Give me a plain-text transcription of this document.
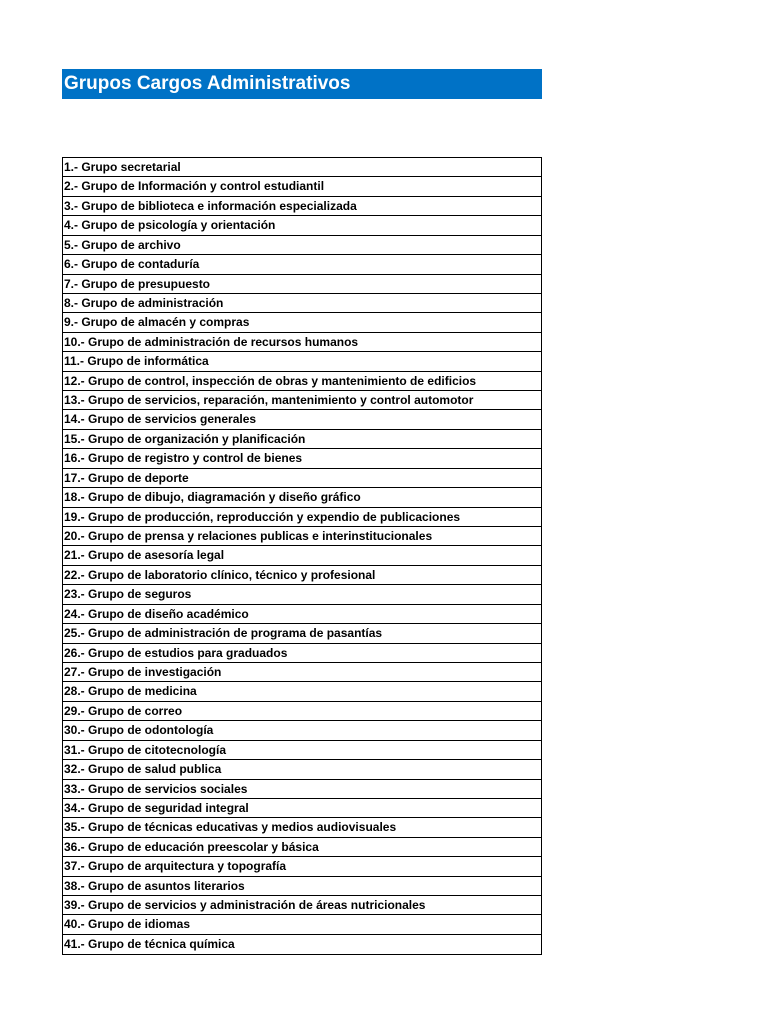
Grupos Cargos Administrativos
1.- Grupo secretarial
2.- Grupo de Información y control estudiantil
3.- Grupo de biblioteca e información especializada
4.- Grupo de psicología y orientación
5.- Grupo de archivo
6.- Grupo de contaduría
7.- Grupo de presupuesto
8.- Grupo de administración
9.- Grupo de almacén y compras
10.- Grupo de administración de recursos humanos
11.- Grupo de informática
12.- Grupo de control, inspección de obras y mantenimiento de edificios
13.- Grupo de servicios, reparación, mantenimiento y control automotor
14.- Grupo de servicios generales
15.- Grupo de organización y planificación
16.- Grupo de registro y control de bienes
17.- Grupo de deporte
18.- Grupo de dibujo, diagramación y diseño gráfico
19.- Grupo de producción, reproducción y expendio de publicaciones
20.- Grupo de prensa y relaciones publicas e interinstitucionales
21.- Grupo de asesoría legal
22.- Grupo de laboratorio clínico, técnico y profesional
23.- Grupo de seguros
24.- Grupo de diseño académico
25.- Grupo de administración de programa de pasantías
26.- Grupo de estudios para graduados
27.- Grupo de investigación
28.- Grupo de medicina
29.- Grupo de correo
30.- Grupo de odontología
31.- Grupo de citotecnología
32.- Grupo de salud publica
33.- Grupo de servicios sociales
34.- Grupo de seguridad integral
35.- Grupo de técnicas educativas y medios audiovisuales
36.- Grupo de educación preescolar y básica
37.- Grupo de arquitectura y topografía
38.- Grupo de asuntos literarios
39.- Grupo de servicios y administración de áreas nutricionales
40.- Grupo de idiomas
41.- Grupo de técnica química
